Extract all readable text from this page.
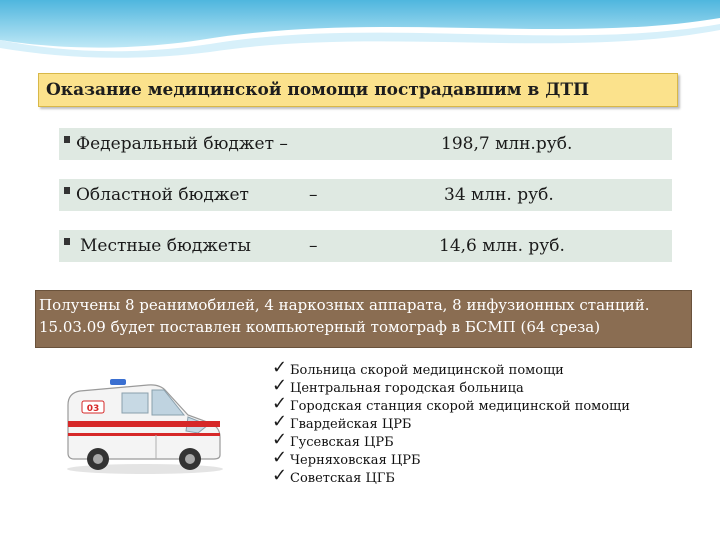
Оказание медицинской помощи пострадавшим в ДТП
Федеральный бюджет –	198,7 млн.руб.
Областной бюджет	–	34 млн. руб.
Местные бюджеты	–	14,6 млн. руб.
Получены 8 реанимобилей, 4 наркозных аппарата, 8 инфузионных станций. 15.03.09 будет поставлен компьютерный томограф в БСМП (64 среза)
03
✓ Больница скорой медицинской помощи
✓ Центральная городская больница
✓ Городская станция скорой медицинской помощи
✓ Гвардейская ЦРБ
✓ Гусевская ЦРБ
✓ Черняховская ЦРБ
✓ Советская ЦГБ
